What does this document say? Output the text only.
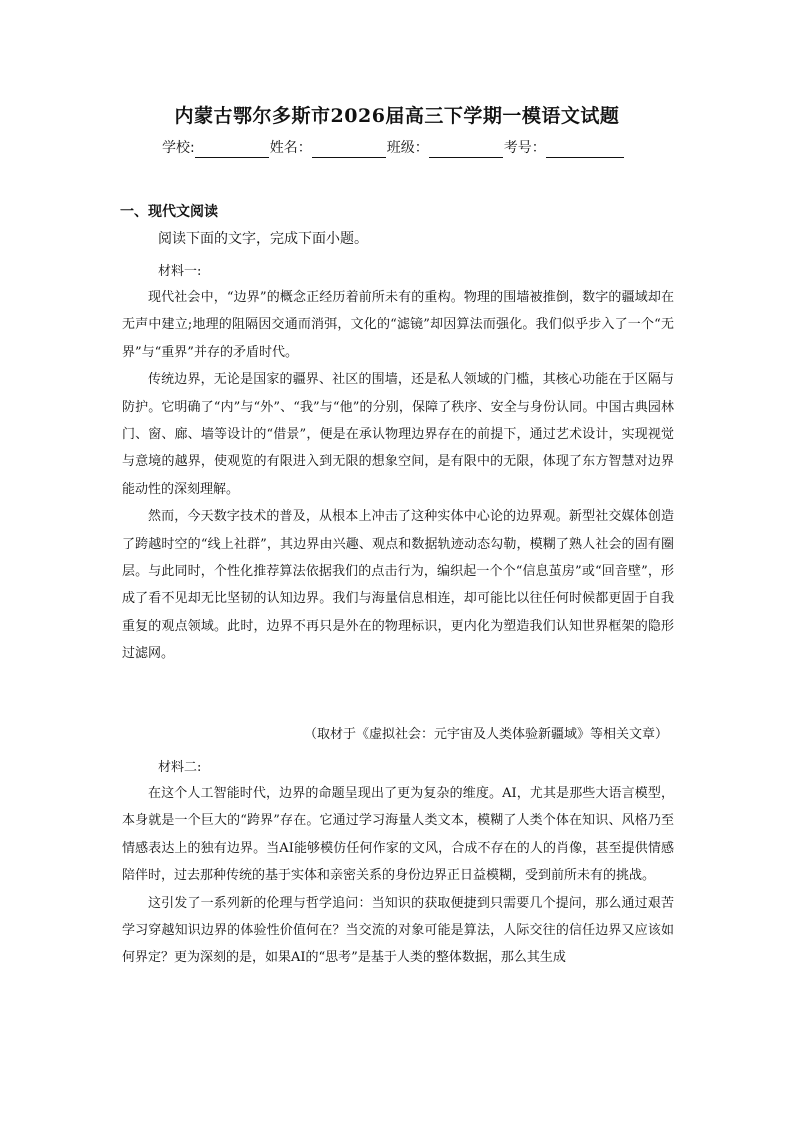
内蒙古鄂尔多斯市2026届高三下学期一模语文试题
学校:	姓名：	班级：	考号：
一、现代文阅读
阅读下面的文字，完成下面小题。
材料一:

现代社会中，“边界”的概念正经历着前所未有的重构。物理的围墙被推倒，数字的疆域却在无声中建立;地理的阻隔因交通而消弭，文化的“滤镜”却因算法而强化。我们似乎步入了一个“无界”与“重界”并存的矛盾时代。

传统边界，无论是国家的疆界、社区的围墙，还是私人领域的门槛，其核心功能在于区隔与防护。它明确了“内”与“外”、“我”与“他”的分别，保障了秩序、安全与身份认同。中国古典园林门、窗、廊、墙等设计的“借景”，便是在承认物理边界存在的前提下，通过艺术设计，实现视觉与意境的越界，使观览的有限进入到无限的想象空间，是有限中的无限，体现了东方智慧对边界能动性的深刻理解。

然而，今天数字技术的普及，从根本上冲击了这种实体中心论的边界观。新型社交媒体创造了跨越时空的“线上社群”，其边界由兴趣、观点和数据轨迹动态勾勒，模糊了熟人社会的固有圈层。与此同时，个性化推荐算法依据我们的点击行为，编织起一个个“信息茧房”或“回音壁”，形成了看不见却无比坚韧的认知边界。我们与海量信息相连，却可能比以往任何时候都更固于自我重复的观点领域。此时，边界不再只是外在的物理标识，更内化为塑造我们认知世界框架的隐形过滤网。

（取材于《虚拟社会：元宇宙及人类体验新疆域》等相关文章）
材料二:

在这个人工智能时代，边界的命题呈现出了更为复杂的维度。AI，尤其是那些大语言模型，本身就是一个巨大的“跨界”存在。它通过学习海量人类文本，模糊了人类个体在知识、风格乃至情感表达上的独有边界。当AI能够模仿任何作家的文风，合成不存在的人的肖像，甚至提供情感陪伴时，过去那种传统的基于实体和亲密关系的身份边界正日益模糊，受到前所未有的挑战。

这引发了一系列新的伦理与哲学追问：当知识的获取便捷到只需要几个提问，那么通过艰苦学习穿越知识边界的体验性价值何在？当交流的对象可能是算法，人际交往的信任边界又应该如何界定？更为深刻的是，如果AI的“思考”是基于人类的整体数据，那么其生成
